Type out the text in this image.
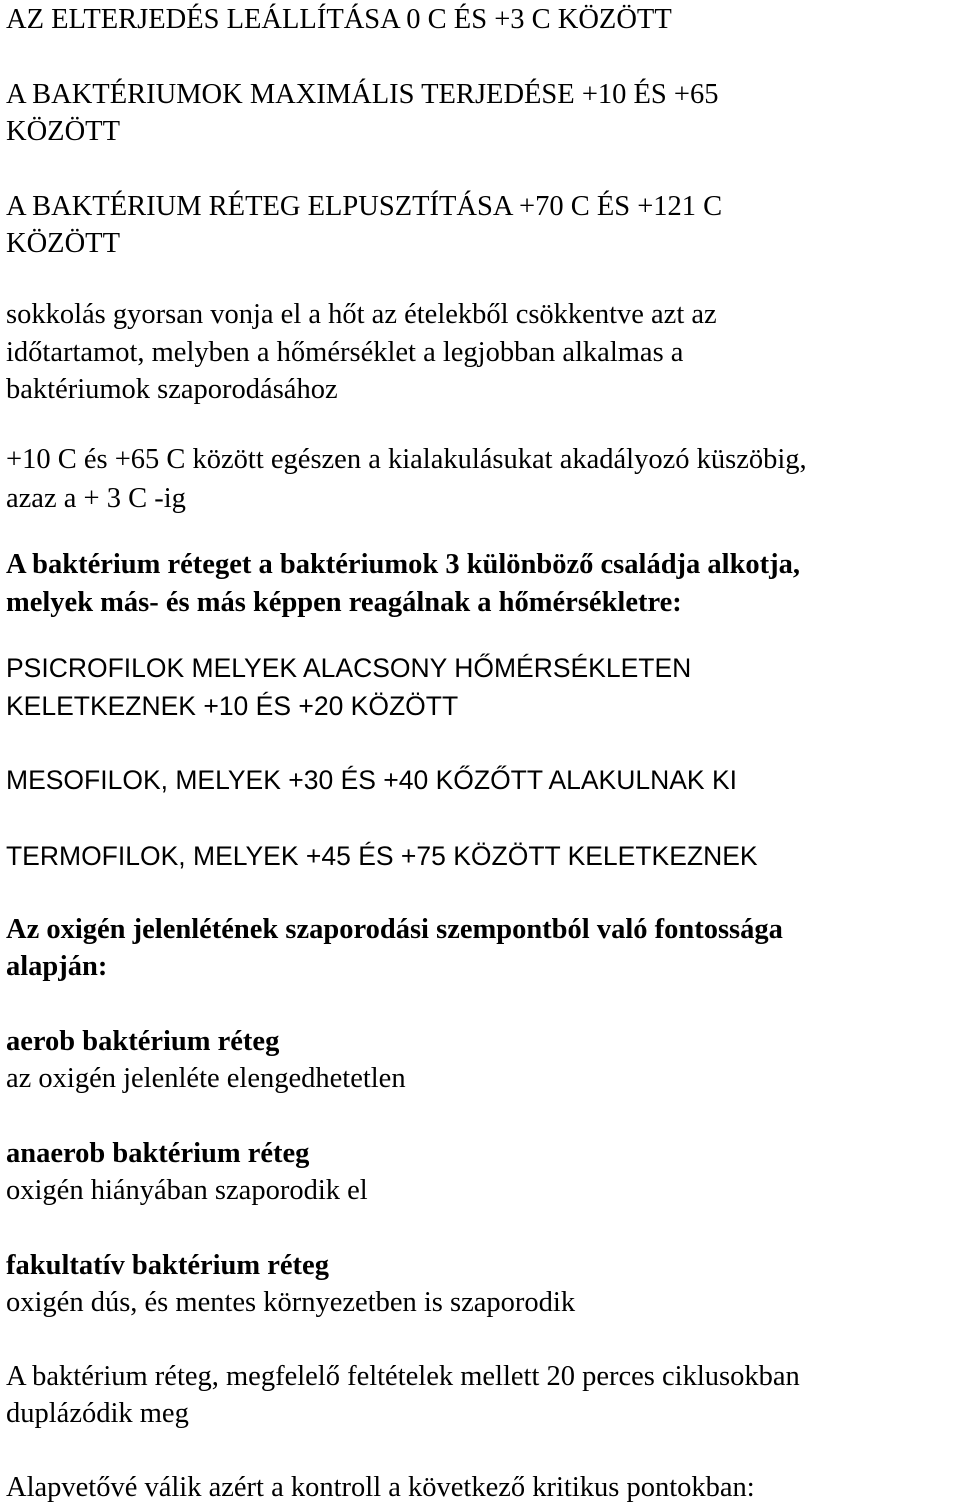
AZ ELTERJEDÉS LEÁLLÍTÁSA 0 C ÉS +3 C KÖZÖTT
A BAKTÉRIUMOK MAXIMÁLIS TERJEDÉSE +10 ÉS +65
KÖZÖTT
A BAKTÉRIUM RÉTEG ELPUSZTÍTÁSA +70 C ÉS +121 C
KÖZÖTT
sokkolás gyorsan vonja el a hőt az ételekből csökkentve azt az
időtartamot, melyben a hőmérséklet a legjobban alkalmas a
baktériumok szaporodásához
+10 C és +65 C között egészen a kialakulásukat akadályozó küszöbig,
azaz a + 3 C -ig
A baktérium réteget a baktériumok 3 különböző családja alkotja,
melyek más- és más képpen reagálnak a hőmérsékletre:
PSICROFILOK MELYEK ALACSONY HŐMÉRSÉKLETEN
KELETKEZNEK +10 ÉS +20 KÖZÖTT
MESOFILOK, MELYEK +30 ÉS +40 KŐZŐTT ALAKULNAK KI
TERMOFILOK, MELYEK +45 ÉS +75 KÖZÖTT KELETKEZNEK
Az oxigén jelenlétének szaporodási szempontból való fontossága
alapján:
aerob baktérium réteg
az oxigén jelenléte elengedhetetlen
anaerob baktérium réteg
oxigén hiányában szaporodik el
fakultatív baktérium réteg
oxigén dús, és mentes környezetben is szaporodik
A baktérium réteg, megfelelő feltételek mellett 20 perces ciklusokban
duplázódik meg
Alapvetővé válik azért a kontroll a következő kritikus pontokban:
